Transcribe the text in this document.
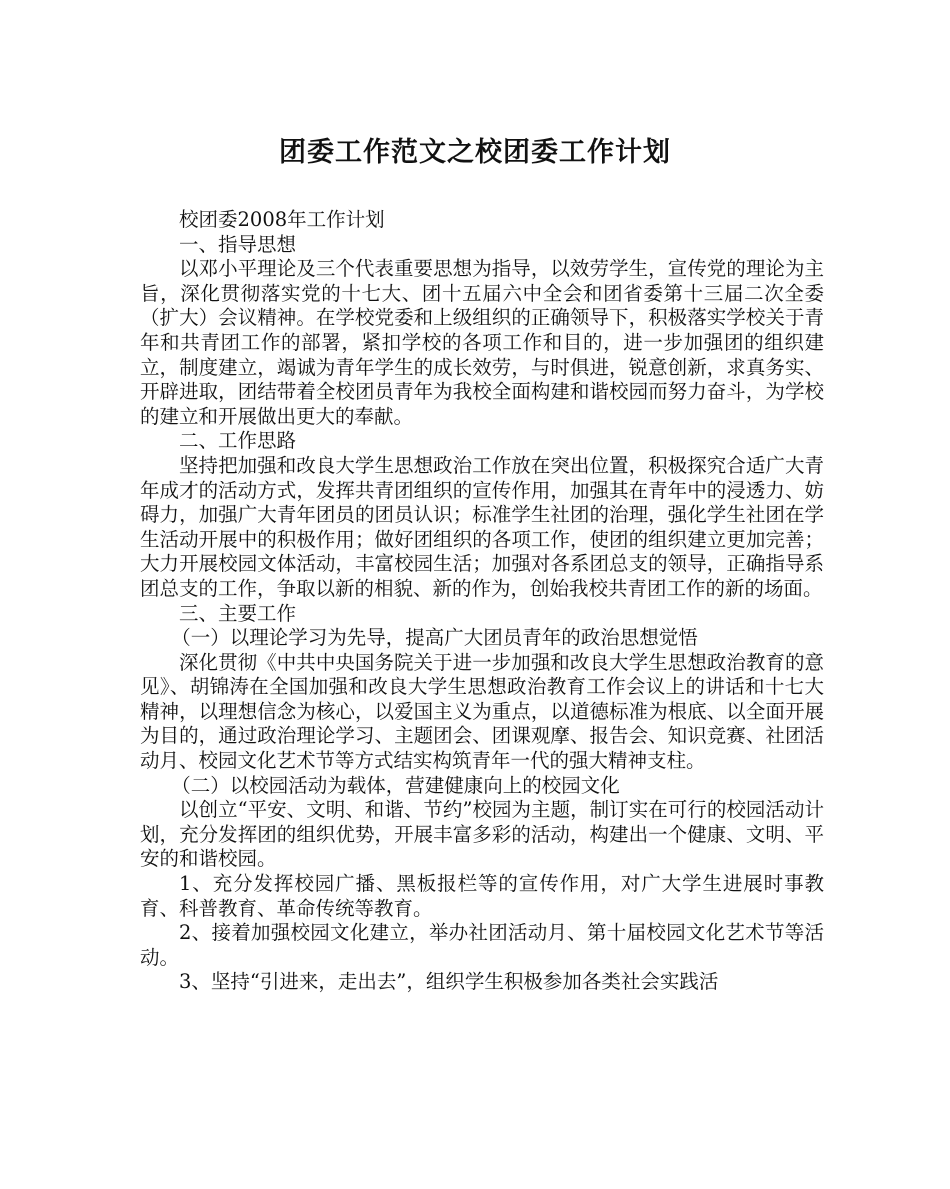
团委工作范文之校团委工作计划

校团委2008年工作计划

一、指导思想

以邓小平理论及三个代表重要思想为指导，以效劳学生，宣传党的理论为主旨，深化贯彻落实党的十七大、团十五届六中全会和团省委第十三届二次全委（扩大）会议精神。在学校党委和上级组织的正确领导下，积极落实学校关于青年和共青团工作的部署，紧扣学校的各项工作和目的，进一步加强团的组织建立，制度建立，竭诚为青年学生的成长效劳，与时俱进，锐意创新，求真务实、开辟进取，团结带着全校团员青年为我校全面构建和谐校园而努力奋斗，为学校的建立和开展做出更大的奉献。

二、工作思路

坚持把加强和改良大学生思想政治工作放在突出位置，积极探究合适广大青年成才的活动方式，发挥共青团组织的宣传作用，加强其在青年中的浸透力、妨碍力，加强广大青年团员的团员认识；标准学生社团的治理，强化学生社团在学生活动开展中的积极作用；做好团组织的各项工作，使团的组织建立更加完善；大力开展校园文体活动，丰富校园生活；加强对各系团总支的领导，正确指导系团总支的工作，争取以新的相貌、新的作为，创始我校共青团工作的新的场面。

三、主要工作

（一）以理论学习为先导，提高广大团员青年的政治思想觉悟

深化贯彻《中共中央国务院关于进一步加强和改良大学生思想政治教育的意见》、胡锦涛在全国加强和改良大学生思想政治教育工作会议上的讲话和十七大精神，以理想信念为核心，以爱国主义为重点，以道德标准为根底、以全面开展为目的，通过政治理论学习、主题团会、团课观摩、报告会、知识竞赛、社团活动月、校园文化艺术节等方式结实构筑青年一代的强大精神支柱。

（二）以校园活动为载体，营建健康向上的校园文化

以创立“平安、文明、和谐、节约”校园为主题，制订实在可行的校园活动计划，充分发挥团的组织优势，开展丰富多彩的活动，构建出一个健康、文明、平安的和谐校园。

1、充分发挥校园广播、黑板报栏等的宣传作用，对广大学生进展时事教育、科普教育、革命传统等教育。

2、接着加强校园文化建立，举办社团活动月、第十届校园文化艺术节等活动。

3、坚持“引进来，走出去”，组织学生积极参加各类社会实践活
